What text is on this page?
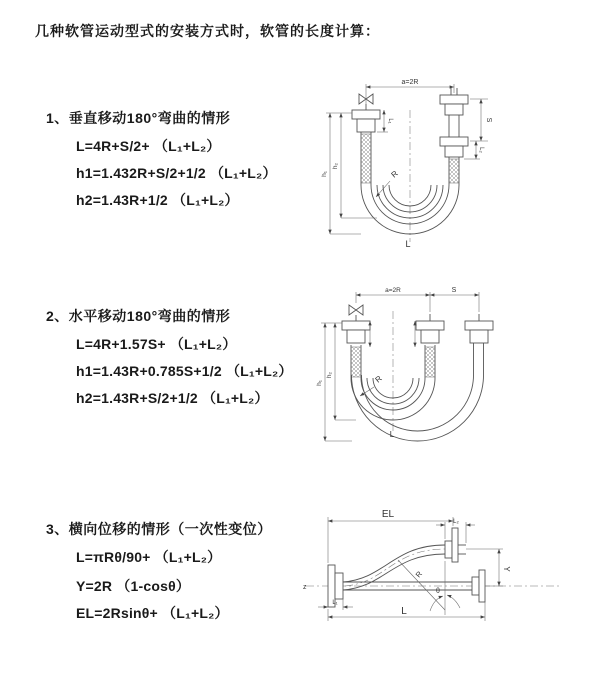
几种软管运动型式的安装方式时，软管的长度计算：
1、垂直移动180°弯曲的情形
L=4R+S/2+ （L₁+L₂）
h1=1.432R+S/2+1/2 （L₁+L₂）
h2=1.43R+1/2 （L₁+L₂）
2、水平移动180°弯曲的情形
L=4R+1.57S+ （L₁+L₂）
h1=1.43R+0.785S+1/2 （L₁+L₂）
h2=1.43R+S/2+1/2 （L₁+L₂）
3、横向位移的情形（一次性变位）
L=πRθ/90+ （L₁+L₂）
Y=2R （1-cosθ）
EL=2Rsinθ+ （L₁+L₂）
a=2R
S
L₂
L₁
h₁
h₂
R
L
a=2R	S
h₁
h₂	R
L
z
θ
R
EL
L₂
Y
L
L₁
